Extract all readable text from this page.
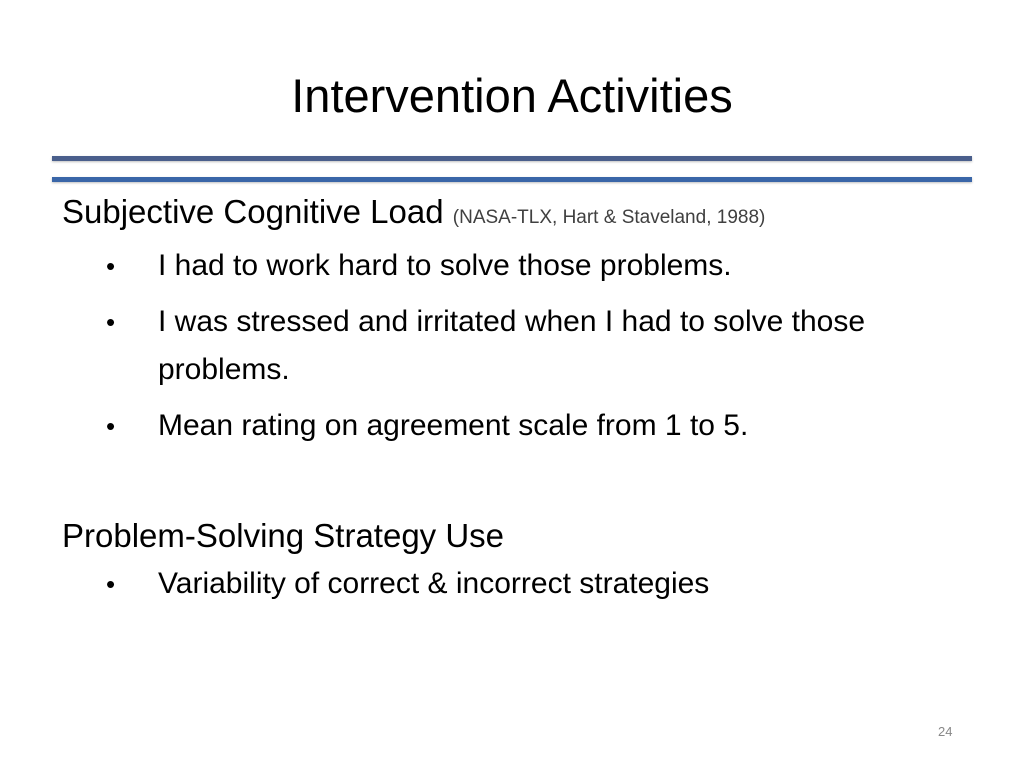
Intervention Activities

Subjective Cognitive Load (NASA-TLX, Hart & Staveland, 1988)

• I had to work hard to solve those problems.
• I was stressed and irritated when I had to solve those problems.
• Mean rating on agreement scale from 1 to 5.

Problem-Solving Strategy Use

• Variability of correct & incorrect strategies
24
